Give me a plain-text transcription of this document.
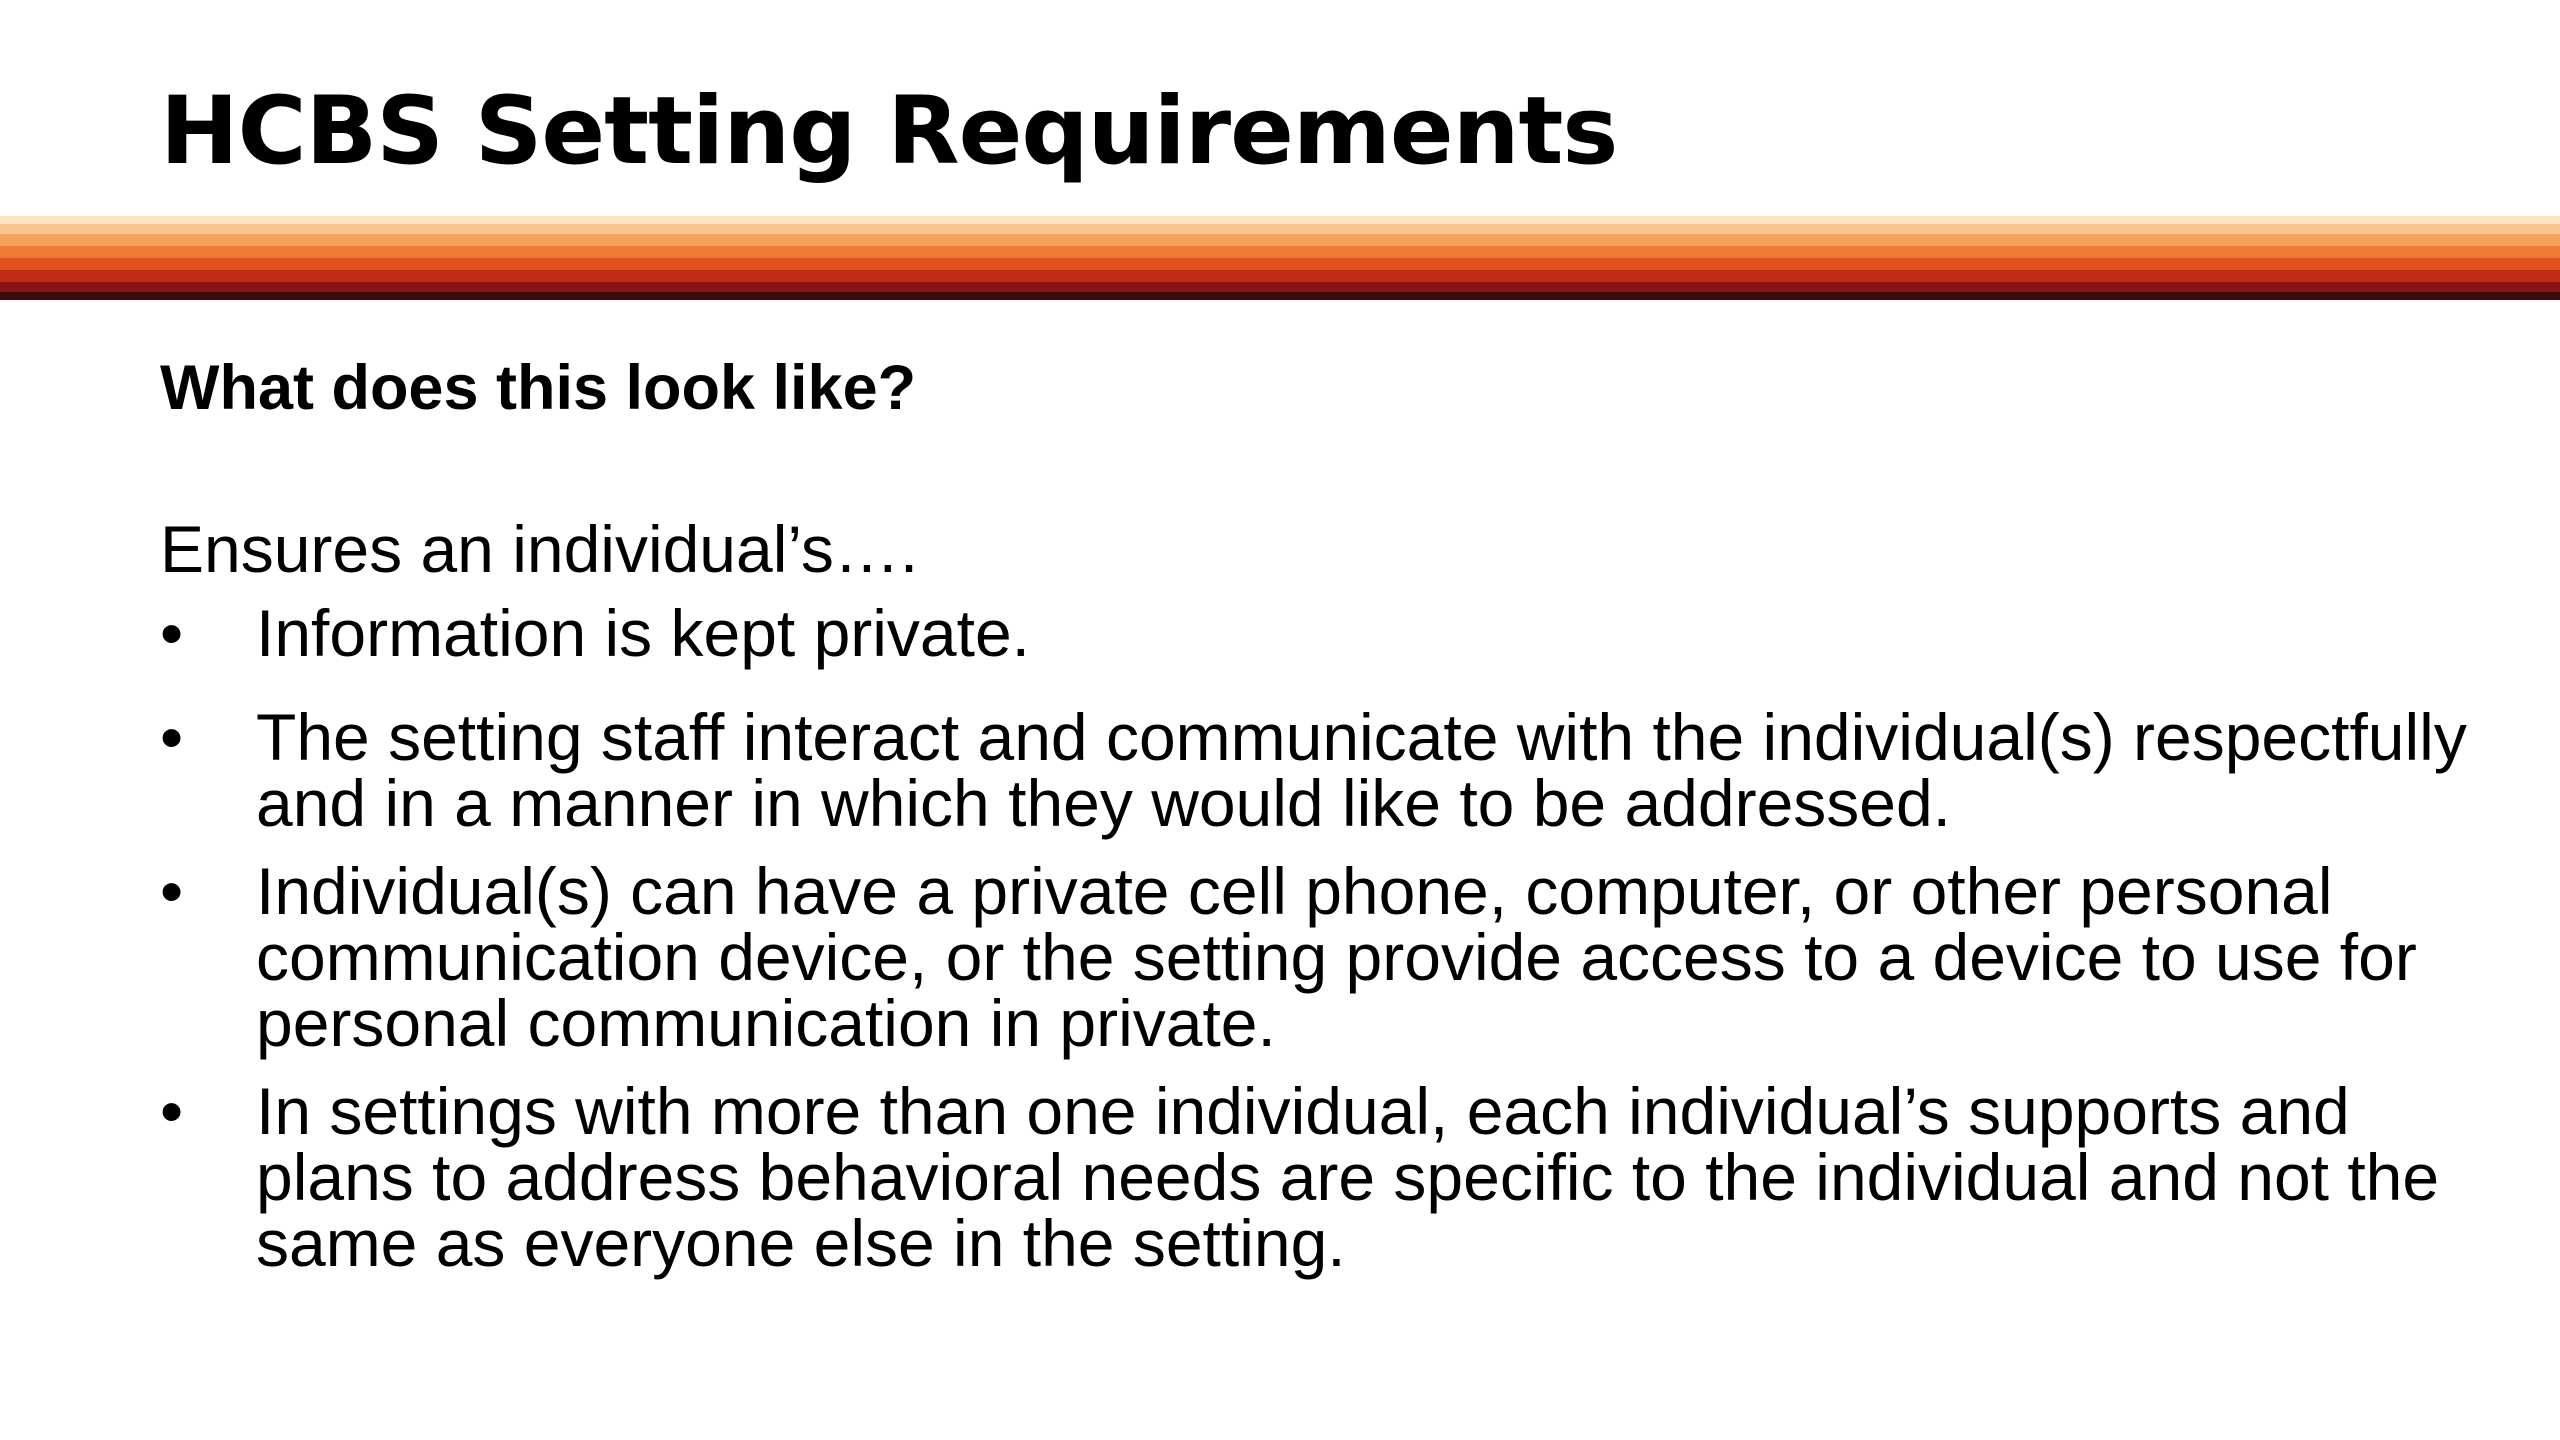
HCBS Setting Requirements
What does this look like?

Ensures an individual’s….

• Information is kept private.
• The setting staff interact and communicate with the individual(s) respectfully and in a manner in which they would like to be addressed.
• Individual(s) can have a private cell phone, computer, or other personal communication device, or the setting provide access to a device to use for personal communication in private.
• In settings with more than one individual, each individual’s supports and plans to address behavioral needs are specific to the individual and not the same as everyone else in the setting.
